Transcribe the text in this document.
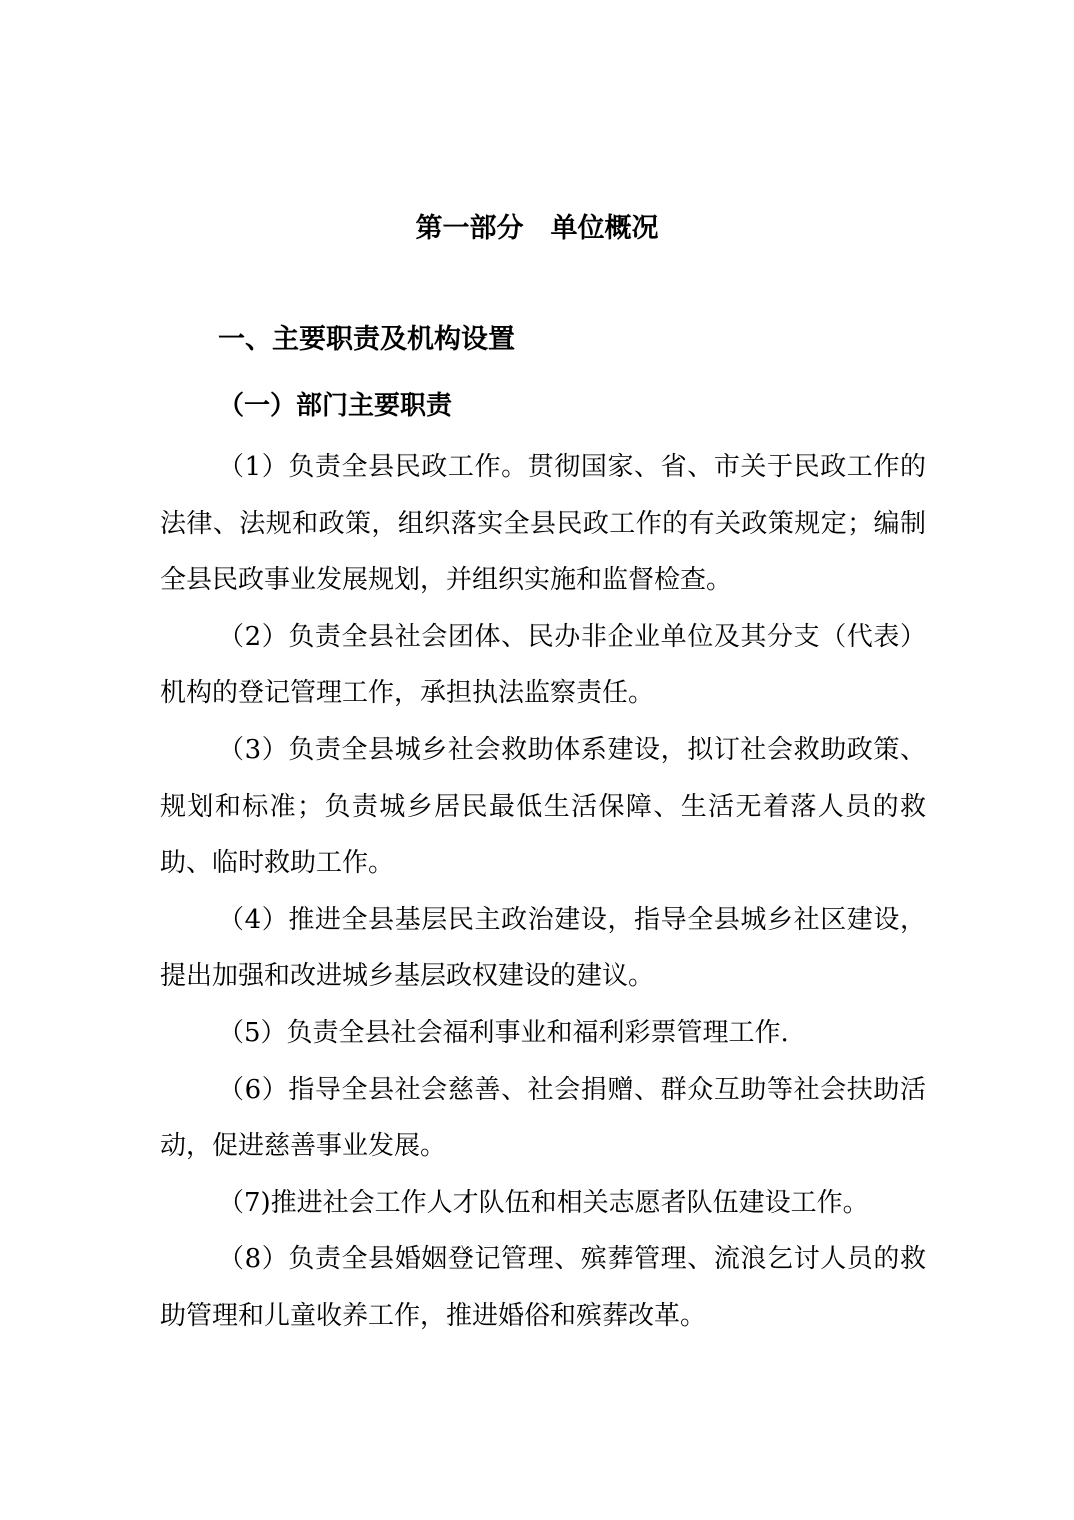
第一部分　单位概况
一、主要职责及机构设置
（一）部门主要职责

（1）负责全县民政工作。贯彻国家、省、市关于民政工作的法律、法规和政策，组织落实全县民政工作的有关政策规定；编制全县民政事业发展规划，并组织实施和监督检查。

（2）负责全县社会团体、民办非企业单位及其分支（代表）机构的登记管理工作，承担执法监察责任。

（3）负责全县城乡社会救助体系建设，拟订社会救助政策、规划和标准；负责城乡居民最低生活保障、生活无着落人员的救助、临时救助工作。

（4）推进全县基层民主政治建设，指导全县城乡社区建设，提出加强和改进城乡基层政权建设的建议。

（5）负责全县社会福利事业和福利彩票管理工作.

（6）指导全县社会慈善、社会捐赠、群众互助等社会扶助活动，促进慈善事业发展。

（7)推进社会工作人才队伍和相关志愿者队伍建设工作。

（8）负责全县婚姻登记管理、殡葬管理、流浪乞讨人员的救助管理和儿童收养工作，推进婚俗和殡葬改革。
